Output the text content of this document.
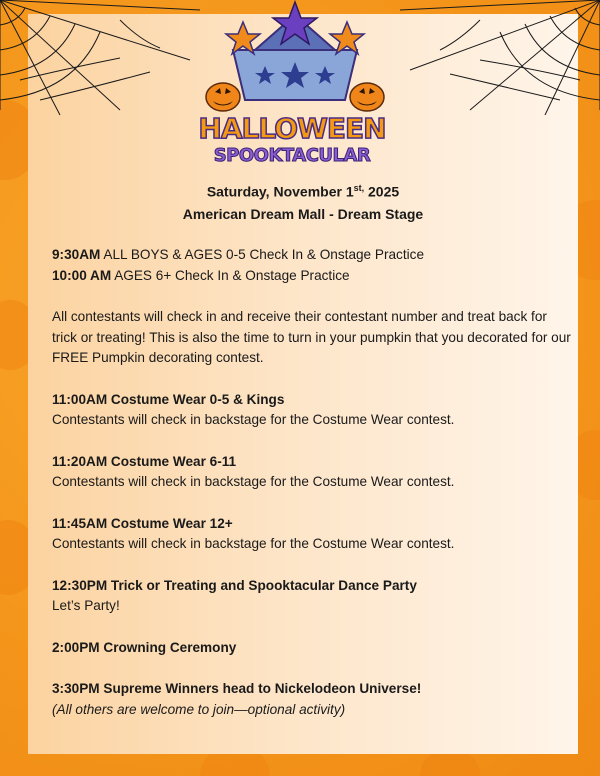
HALLOWEEN
SPOOKTACULAR
Saturday, November $1^{st,}$ 2025
American Dream Mall - Dream Stage

9:30AM ALL BOYS & AGES 0-5 Check In & Onstage Practice

10:00 AM AGES 6+ Check In & Onstage Practice

All contestants will check in and receive their contestant number and treat back for trick or treating! This is also the time to turn in your pumpkin that you decorated for our FREE Pumpkin decorating contest.

11:00AM Costume Wear 0-5 & Kings

Contestants will check in backstage for the Costume Wear contest.

11:20AM Costume Wear 6-11

Contestants will check in backstage for the Costume Wear contest.

11:45AM Costume Wear 12+

Contestants will check in backstage for the Costume Wear contest.

12:30PM Trick or Treating and Spooktacular Dance Party

Let’s Party!

2:00PM Crowning Ceremony

3:30PM Supreme Winners head to Nickelodeon Universe!

(All others are welcome to join—optional activity)
